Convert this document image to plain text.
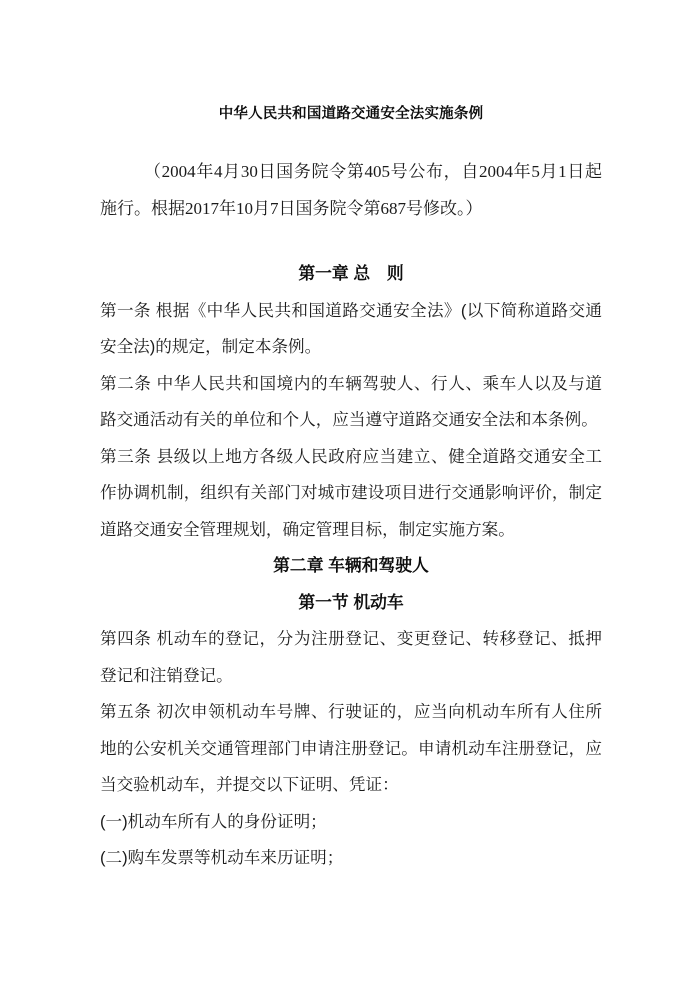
中华人民共和国道路交通安全法实施条例

（2004年4月30日国务院令第405号公布，自2004年5月1日起施行。根据2017年10月7日国务院令第687号修改。）

第一章 总　则

第一条 根据《中华人民共和国道路交通安全法》(以下简称道路交通安全法)的规定，制定本条例。

第二条 中华人民共和国境内的车辆驾驶人、行人、乘车人以及与道路交通活动有关的单位和个人，应当遵守道路交通安全法和本条例。

第三条 县级以上地方各级人民政府应当建立、健全道路交通安全工作协调机制，组织有关部门对城市建设项目进行交通影响评价，制定道路交通安全管理规划，确定管理目标，制定实施方案。

第二章 车辆和驾驶人
第一节 机动车

第四条 机动车的登记，分为注册登记、变更登记、转移登记、抵押登记和注销登记。

第五条 初次申领机动车号牌、行驶证的，应当向机动车所有人住所地的公安机关交通管理部门申请注册登记。申请机动车注册登记，应当交验机动车，并提交以下证明、凭证：

(一)机动车所有人的身份证明；

(二)购车发票等机动车来历证明；
